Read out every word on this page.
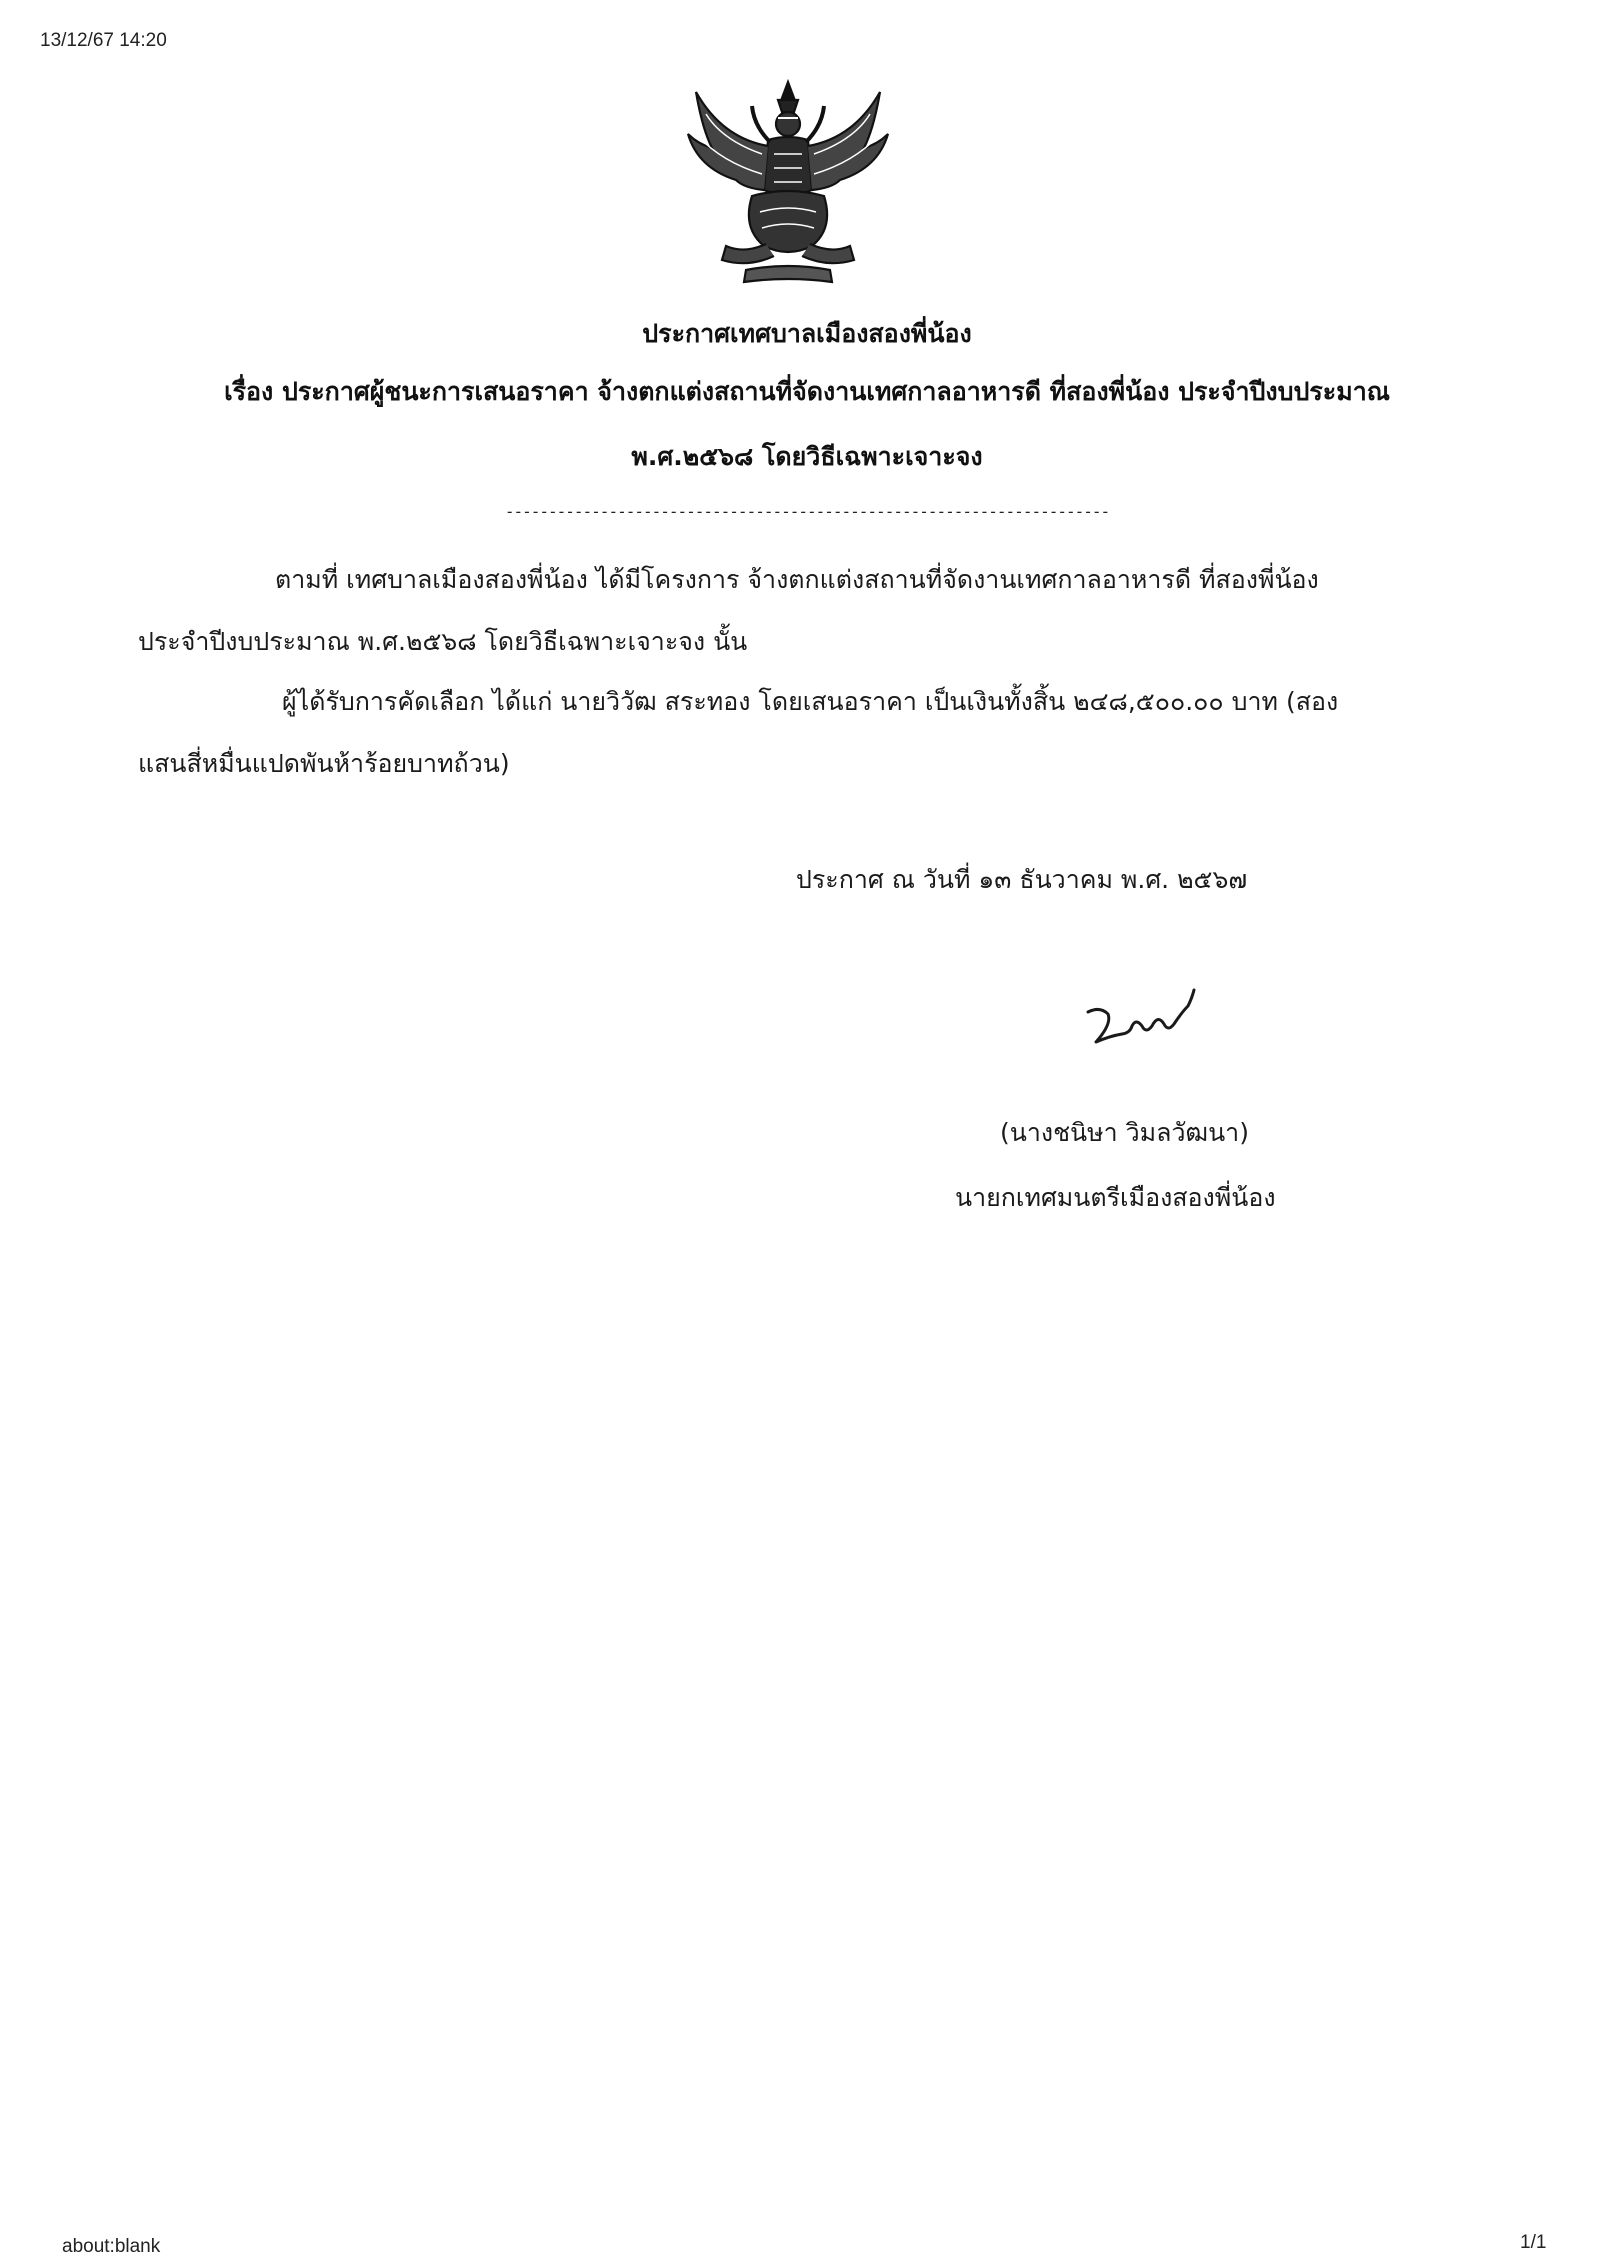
13/12/67 14:20
ประกาศเทศบาลเมืองสองพี่น้อง
เรื่อง ประกาศผู้ชนะการเสนอราคา จ้างตกแต่งสถานที่จัดงานเทศกาลอาหารดี ที่สองพี่น้อง ประจำปีงบประมาณ
พ.ศ.๒๕๖๘ โดยวิธีเฉพาะเจาะจง
----------------------------------------------------------------------
ตามที่ เทศบาลเมืองสองพี่น้อง ได้มีโครงการ จ้างตกแต่งสถานที่จัดงานเทศกาลอาหารดี ที่สองพี่น้อง
ประจำปีงบประมาณ พ.ศ.๒๕๖๘ โดยวิธีเฉพาะเจาะจง นั้น
ผู้ได้รับการคัดเลือก ได้แก่ นายวิวัฒ สระทอง โดยเสนอราคา เป็นเงินทั้งสิ้น ๒๔๘,๕๐๐.๐๐ บาท (สอง
แสนสี่หมื่นแปดพันห้าร้อยบาทถ้วน)
ประกาศ ณ วันที่ ๑๓ ธันวาคม พ.ศ. ๒๕๖๗
(นางชนิษา วิมลวัฒนา)
นายกเทศมนตรีเมืองสองพี่น้อง
about:blank	1/1
